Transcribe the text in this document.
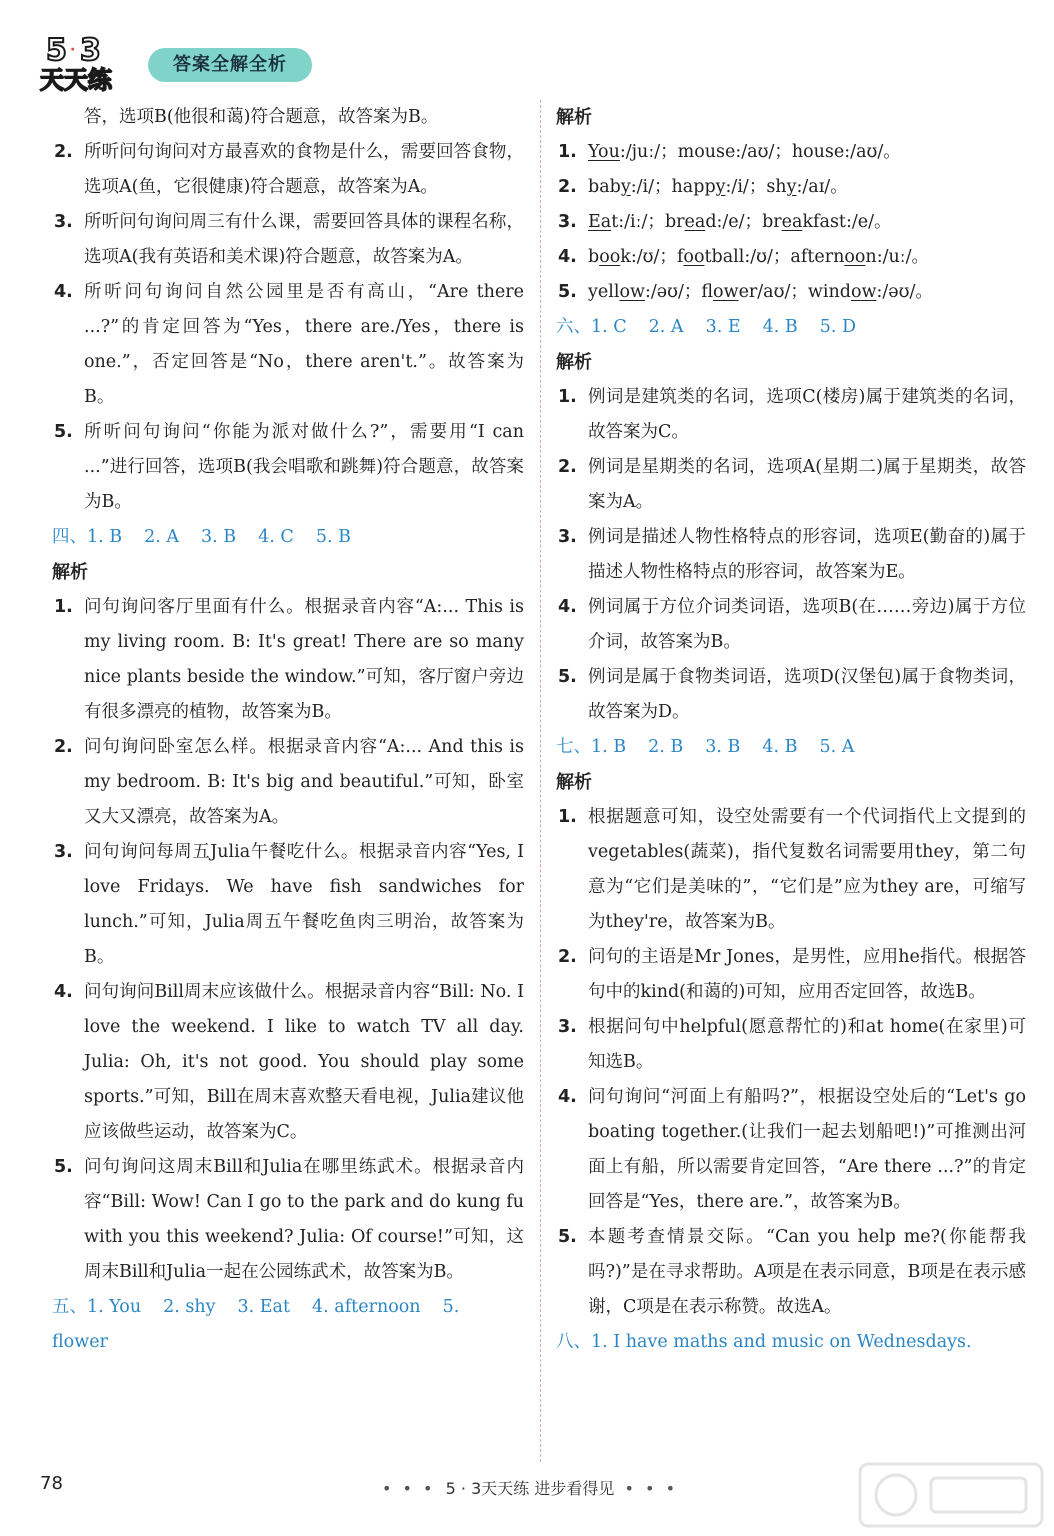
5 · 3
天天练
答案全解全析
答，选项B(他很和蔼)符合题意，故答案为B。
2. 所听问句询问对方最喜欢的食物是什么，需要回答食物，选项A(鱼，它很健康)符合题意，故答案为A。
3. 所听问句询问周三有什么课，需要回答具体的课程名称，选项A(我有英语和美术课)符合题意，故答案为A。
4. 所听问句询问自然公园里是否有高山，“Are there ...?”的肯定回答为“Yes，there are./Yes，there is one.”，否定回答是“No，there aren't.”。故答案为B。
5. 所听问句询问“你能为派对做什么?”，需要用“I can ...”进行回答，选项B(我会唱歌和跳舞)符合题意，故答案为B。
四、1. B 2. A 3. B 4. C 5. B
解析
1. 问句询问客厅里面有什么。根据录音内容“A:... This is my living room. B: It's great! There are so many nice plants beside the window.”可知，客厅窗户旁边有很多漂亮的植物，故答案为B。
2. 问句询问卧室怎么样。根据录音内容“A:... And this is my bedroom. B: It's big and beautiful.”可知，卧室又大又漂亮，故答案为A。
3. 问句询问每周五Julia午餐吃什么。根据录音内容“Yes, I love Fridays. We have fish sandwiches for lunch.”可知，Julia周五午餐吃鱼肉三明治，故答案为B。
4. 问句询问Bill周末应该做什么。根据录音内容“Bill: No. I love the weekend. I like to watch TV all day. Julia: Oh, it's not good. You should play some sports.”可知，Bill在周末喜欢整天看电视，Julia建议他应该做些运动，故答案为C。
5. 问句询问这周末Bill和Julia在哪里练武术。根据录音内容“Bill: Wow! Can I go to the park and do kung fu with you this weekend? Julia: Of course!”可知，这周末Bill和Julia一起在公园练武术，故答案为B。
五、1. You 2. shy 3. Eat 4. afternoon 5. flower
解析
1. You:/juː/；mouse:/aʊ/；house:/aʊ/。
2. baby:/i/；happy:/i/；shy:/aɪ/。
3. Eat:/iː/；bread:/e/；breakfast:/e/。
4. book:/ʊ/；football:/ʊ/；afternoon:/uː/。
5. yellow:/əʊ/；flower/aʊ/；window:/əʊ/。
六、1. C 2. A 3. E 4. B 5. D
解析
1. 例词是建筑类的名词，选项C(楼房)属于建筑类的名词，故答案为C。
2. 例词是星期类的名词，选项A(星期二)属于星期类，故答案为A。
3. 例词是描述人物性格特点的形容词，选项E(勤奋的)属于描述人物性格特点的形容词，故答案为E。
4. 例词属于方位介词类词语，选项B(在……旁边)属于方位介词，故答案为B。
5. 例词是属于食物类词语，选项D(汉堡包)属于食物类词，故答案为D。
七、1. B 2. B 3. B 4. B 5. A
解析
1. 根据题意可知，设空处需要有一个代词指代上文提到的vegetables(蔬菜)，指代复数名词需要用they，第二句意为“它们是美味的”，“它们是”应为they are，可缩写为they're，故答案为B。
2. 问句的主语是Mr Jones，是男性，应用he指代。根据答句中的kind(和蔼的)可知，应用否定回答，故选B。
3. 根据问句中helpful(愿意帮忙的)和at home(在家里)可知选B。
4. 问句询问“河面上有船吗?”，根据设空处后的“Let's go boating together.(让我们一起去划船吧!)”可推测出河面上有船，所以需要肯定回答，“Are there ...?”的肯定回答是“Yes，there are.”，故答案为B。
5. 本题考查情景交际。“Can you help me?(你能帮我吗?)”是在寻求帮助。A项是在表示同意，B项是在表示感谢，C项是在表示称赞。故选A。
八、1. I have maths and music on Wednesdays.
78	• • • 5 · 3天天练 进步看得见 • • •
